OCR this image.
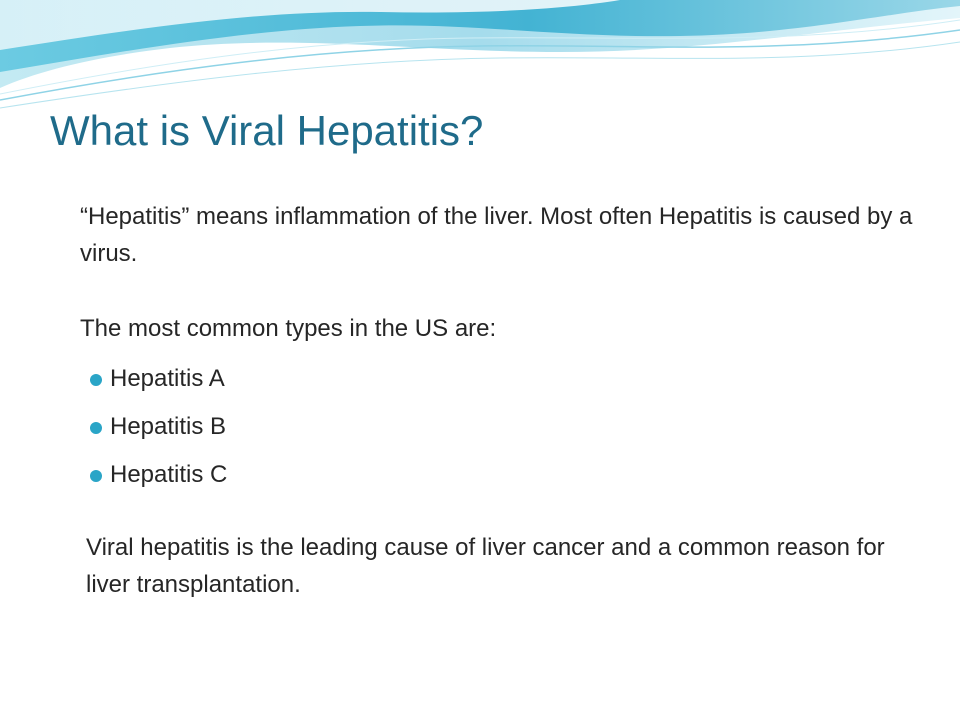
What is Viral Hepatitis?

“Hepatitis” means inflammation of the liver. Most often Hepatitis is caused by a virus.

The most common types in the US are:

Hepatitis A
Hepatitis B
Hepatitis C

Viral hepatitis is the leading cause of liver cancer and a common reason for liver transplantation.
